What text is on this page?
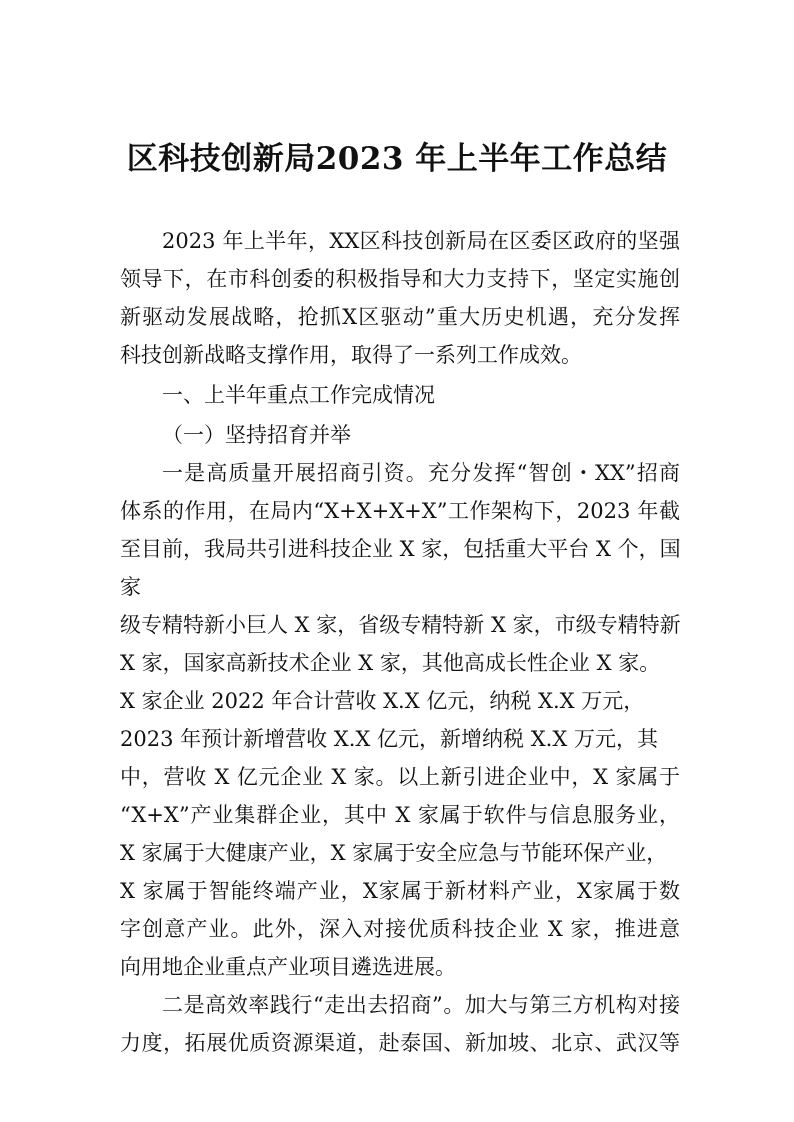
区科技创新局2023 年上半年工作总结
2023 年上半年，XX区科技创新局在区委区政府的坚强
领导下，在市科创委的积极指导和大力支持下，坚定实施创
新驱动发展战略，抢抓X区驱动”重大历史机遇，充分发挥
科技创新战略支撑作用，取得了一系列工作成效。
一、上半年重点工作完成情况
（一）坚持招育并举
一是高质量开展招商引资。充分发挥“智创・XX”招商
体系的作用，在局内“X+X+X+X”工作架构下，2023 年截
至目前，我局共引进科技企业 X 家，包括重大平台 X 个，国
家
级专精特新小巨人 X 家，省级专精特新 X 家，市级专精特新
X 家，国家高新技术企业 X 家，其他高成长性企业 X 家。
X 家企业 2022 年合计营收 X.X 亿元，纳税 X.X 万元，
2023 年预计新增营收 X.X 亿元，新增纳税 X.X 万元，其
中，营收 X 亿元企业 X 家。以上新引进企业中，X 家属于
“X+X”产业集群企业，其中 X 家属于软件与信息服务业，
X 家属于大健康产业，X 家属于安全应急与节能环保产业，
X 家属于智能终端产业，X家属于新材料产业，X家属于数
字创意产业。此外，深入对接优质科技企业 X 家，推进意
向用地企业重点产业项目遴选进展。
二是高效率践行“走出去招商”。加大与第三方机构对接
力度，拓展优质资源渠道，赴泰国、新加坡、北京、武汉等
